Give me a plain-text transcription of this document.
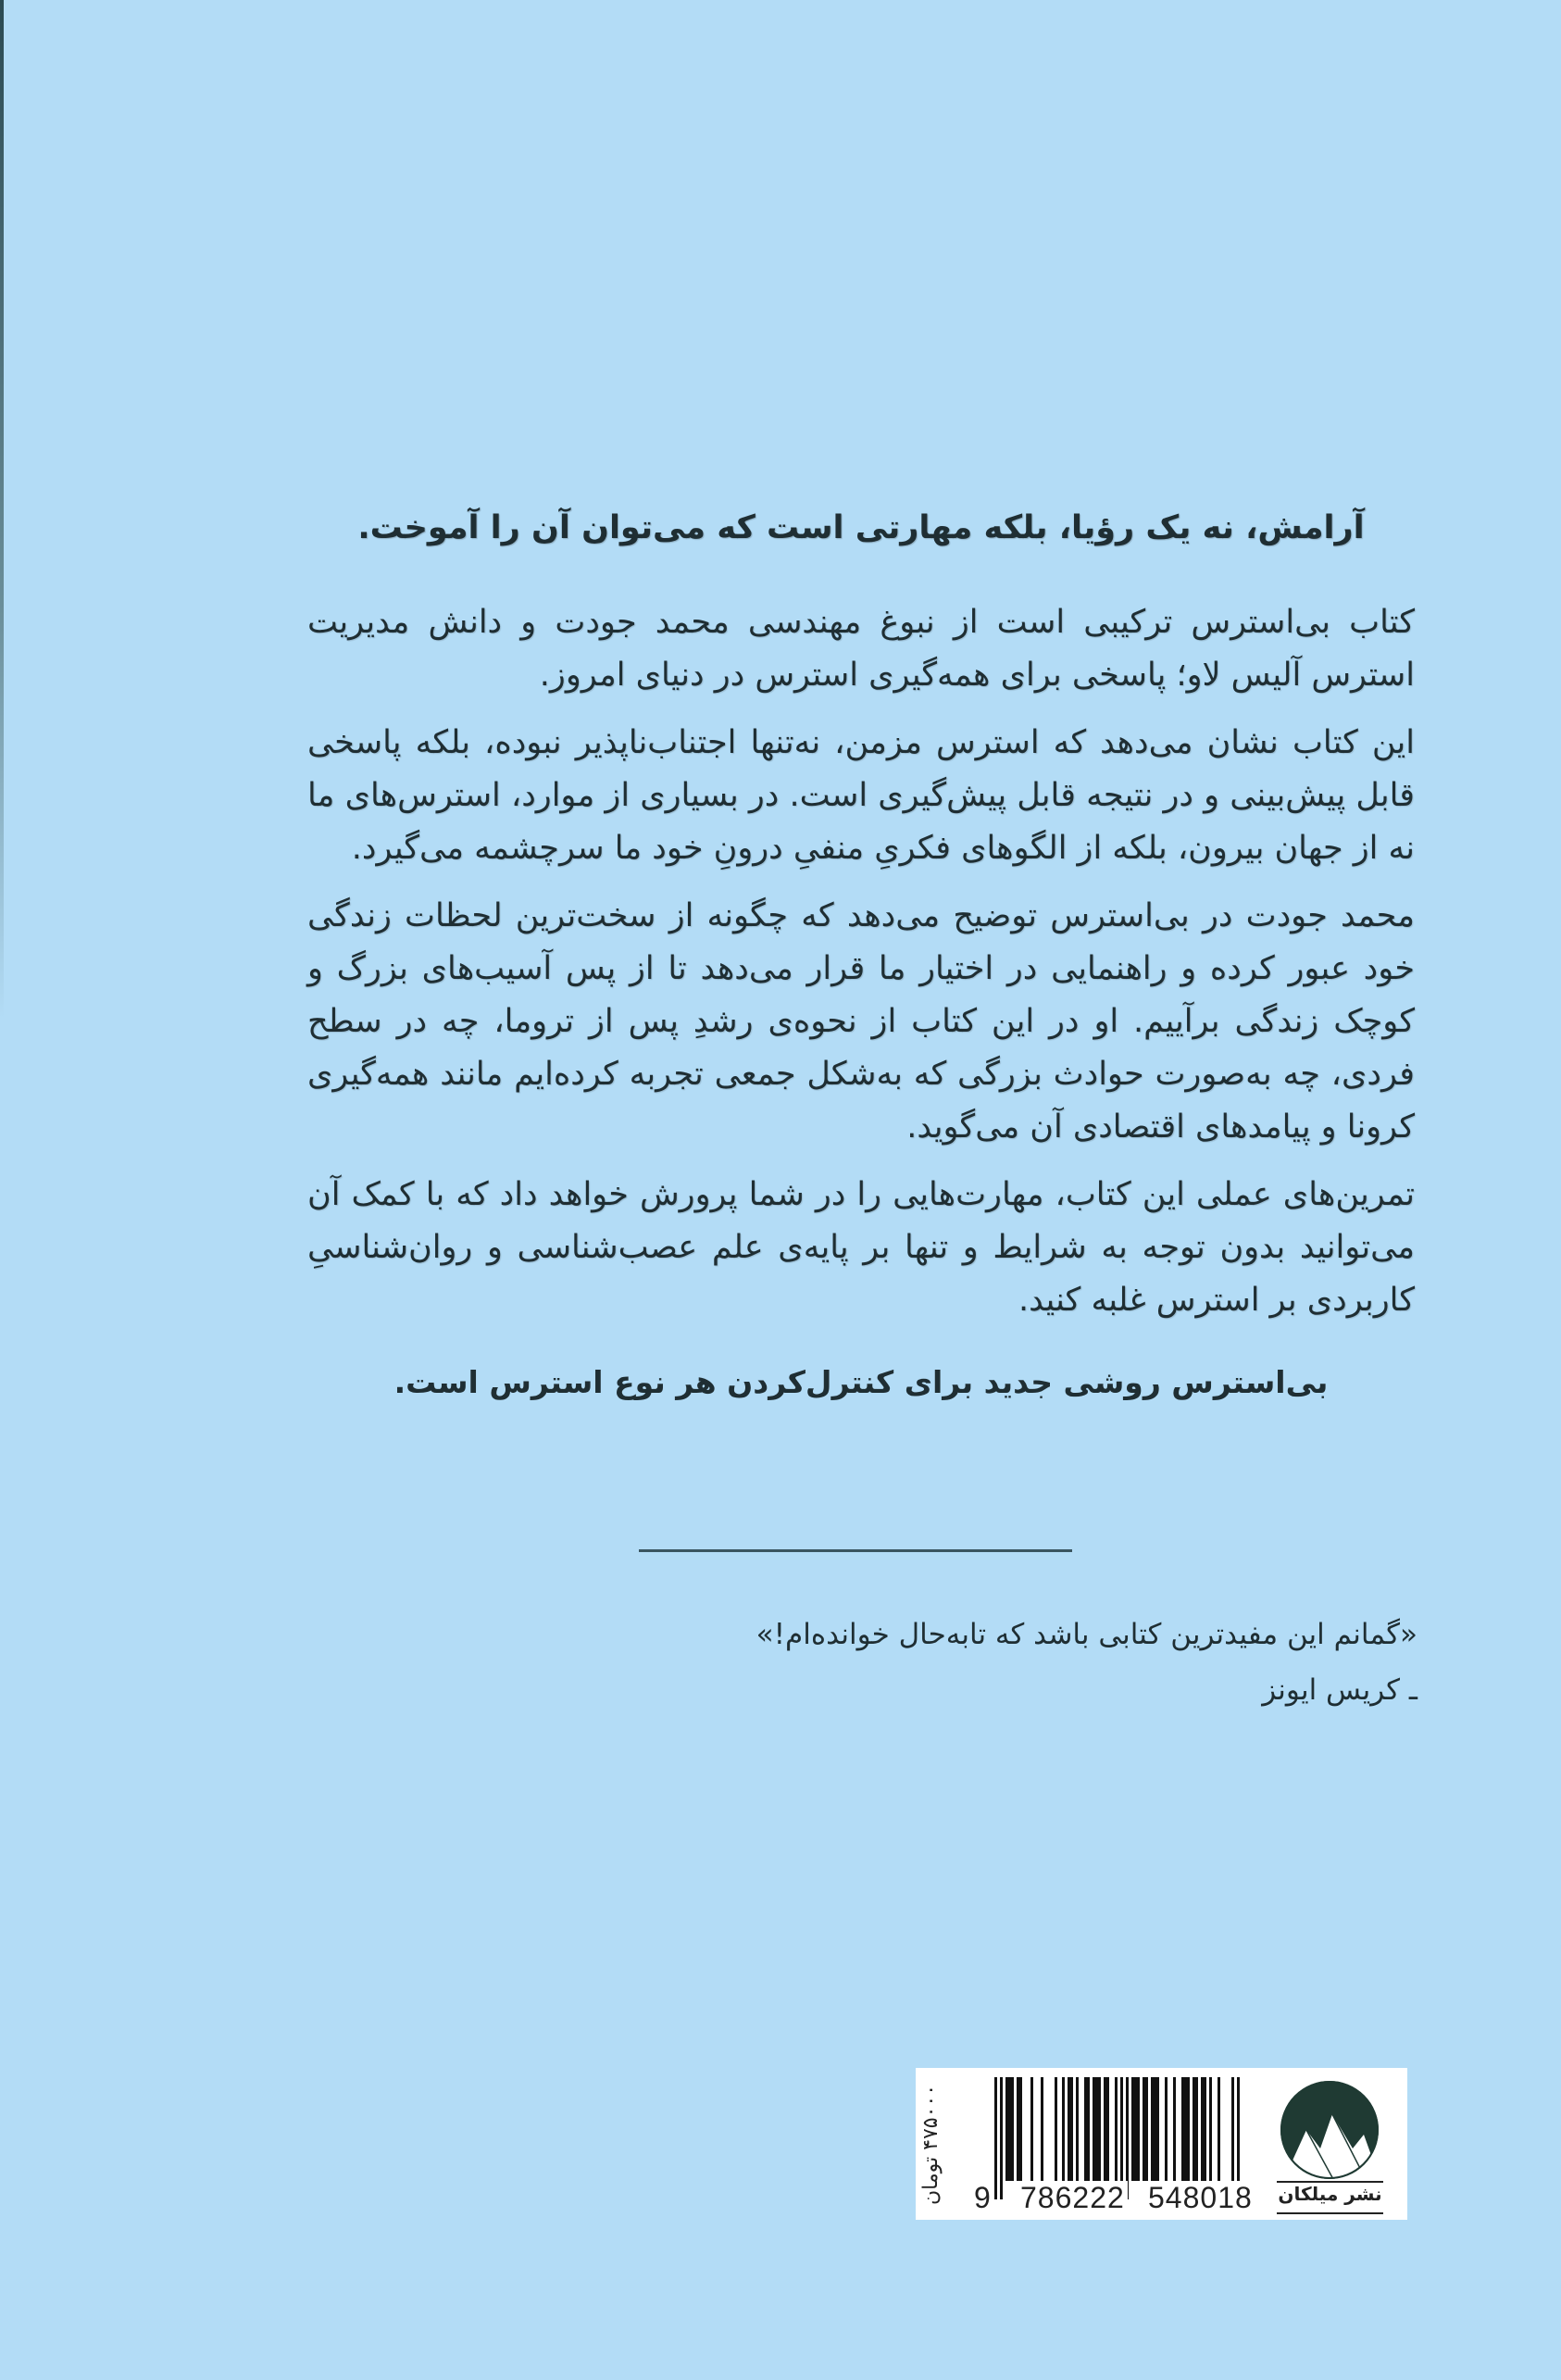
آرامش، نه یک رؤیا، بلکه مهارتی است که می‌توان آن را آموخت.

کتاب بی‌استرس ترکیبی است از نبوغ مهندسی محمد جودت و دانش مدیریت استرس آلیس لاو؛ پاسخی برای همه‌گیری استرس در دنیای امروز.

این کتاب نشان می‌دهد که استرس مزمن، نه‌تنها اجتناب‌ناپذیر نبوده، بلکه پاسخی قابل پیش‌بینی و در نتیجه قابل پیش‌گیری است. در بسیاری از موارد، استرس‌های ما نه از جهان بیرون، بلکه از الگوهای فکریِ منفیِ درونِ خود ما سرچشمه می‌گیرد.

محمد جودت در بی‌استرس توضیح می‌دهد که چگونه از سخت‌ترین لحظات زندگی خود عبور کرده و راهنمایی در اختیار ما قرار می‌دهد تا از پس آسیب‌های بزرگ و کوچک زندگی برآییم. او در این کتاب از نحوه‌ی رشدِ پس از تروما، چه در سطح فردی، چه به‌صورت حوادث بزرگی که به‌شکل جمعی تجربه کرده‌ایم مانند همه‌گیری کرونا و پیامدهای اقتصادی آن می‌گوید.

تمرین‌های عملی این کتاب، مهارت‌هایی را در شما پرورش خواهد داد که با کمک آن می‌توانید بدون توجه به شرایط و تنها بر پایه‌ی علم عصب‌شناسی و روان‌شناسیِ کاربردی بر استرس غلبه کنید.

بی‌استرس روشی جدید برای کنترل‌کردن هر نوع استرس است.

«گمانم این مفیدترین کتابی باشد که تابه‌حال خوانده‌ام!»
ـ کریس ایونز
۴۷۵۰۰۰ تومان
9 786222 548018 نشر میلکان
